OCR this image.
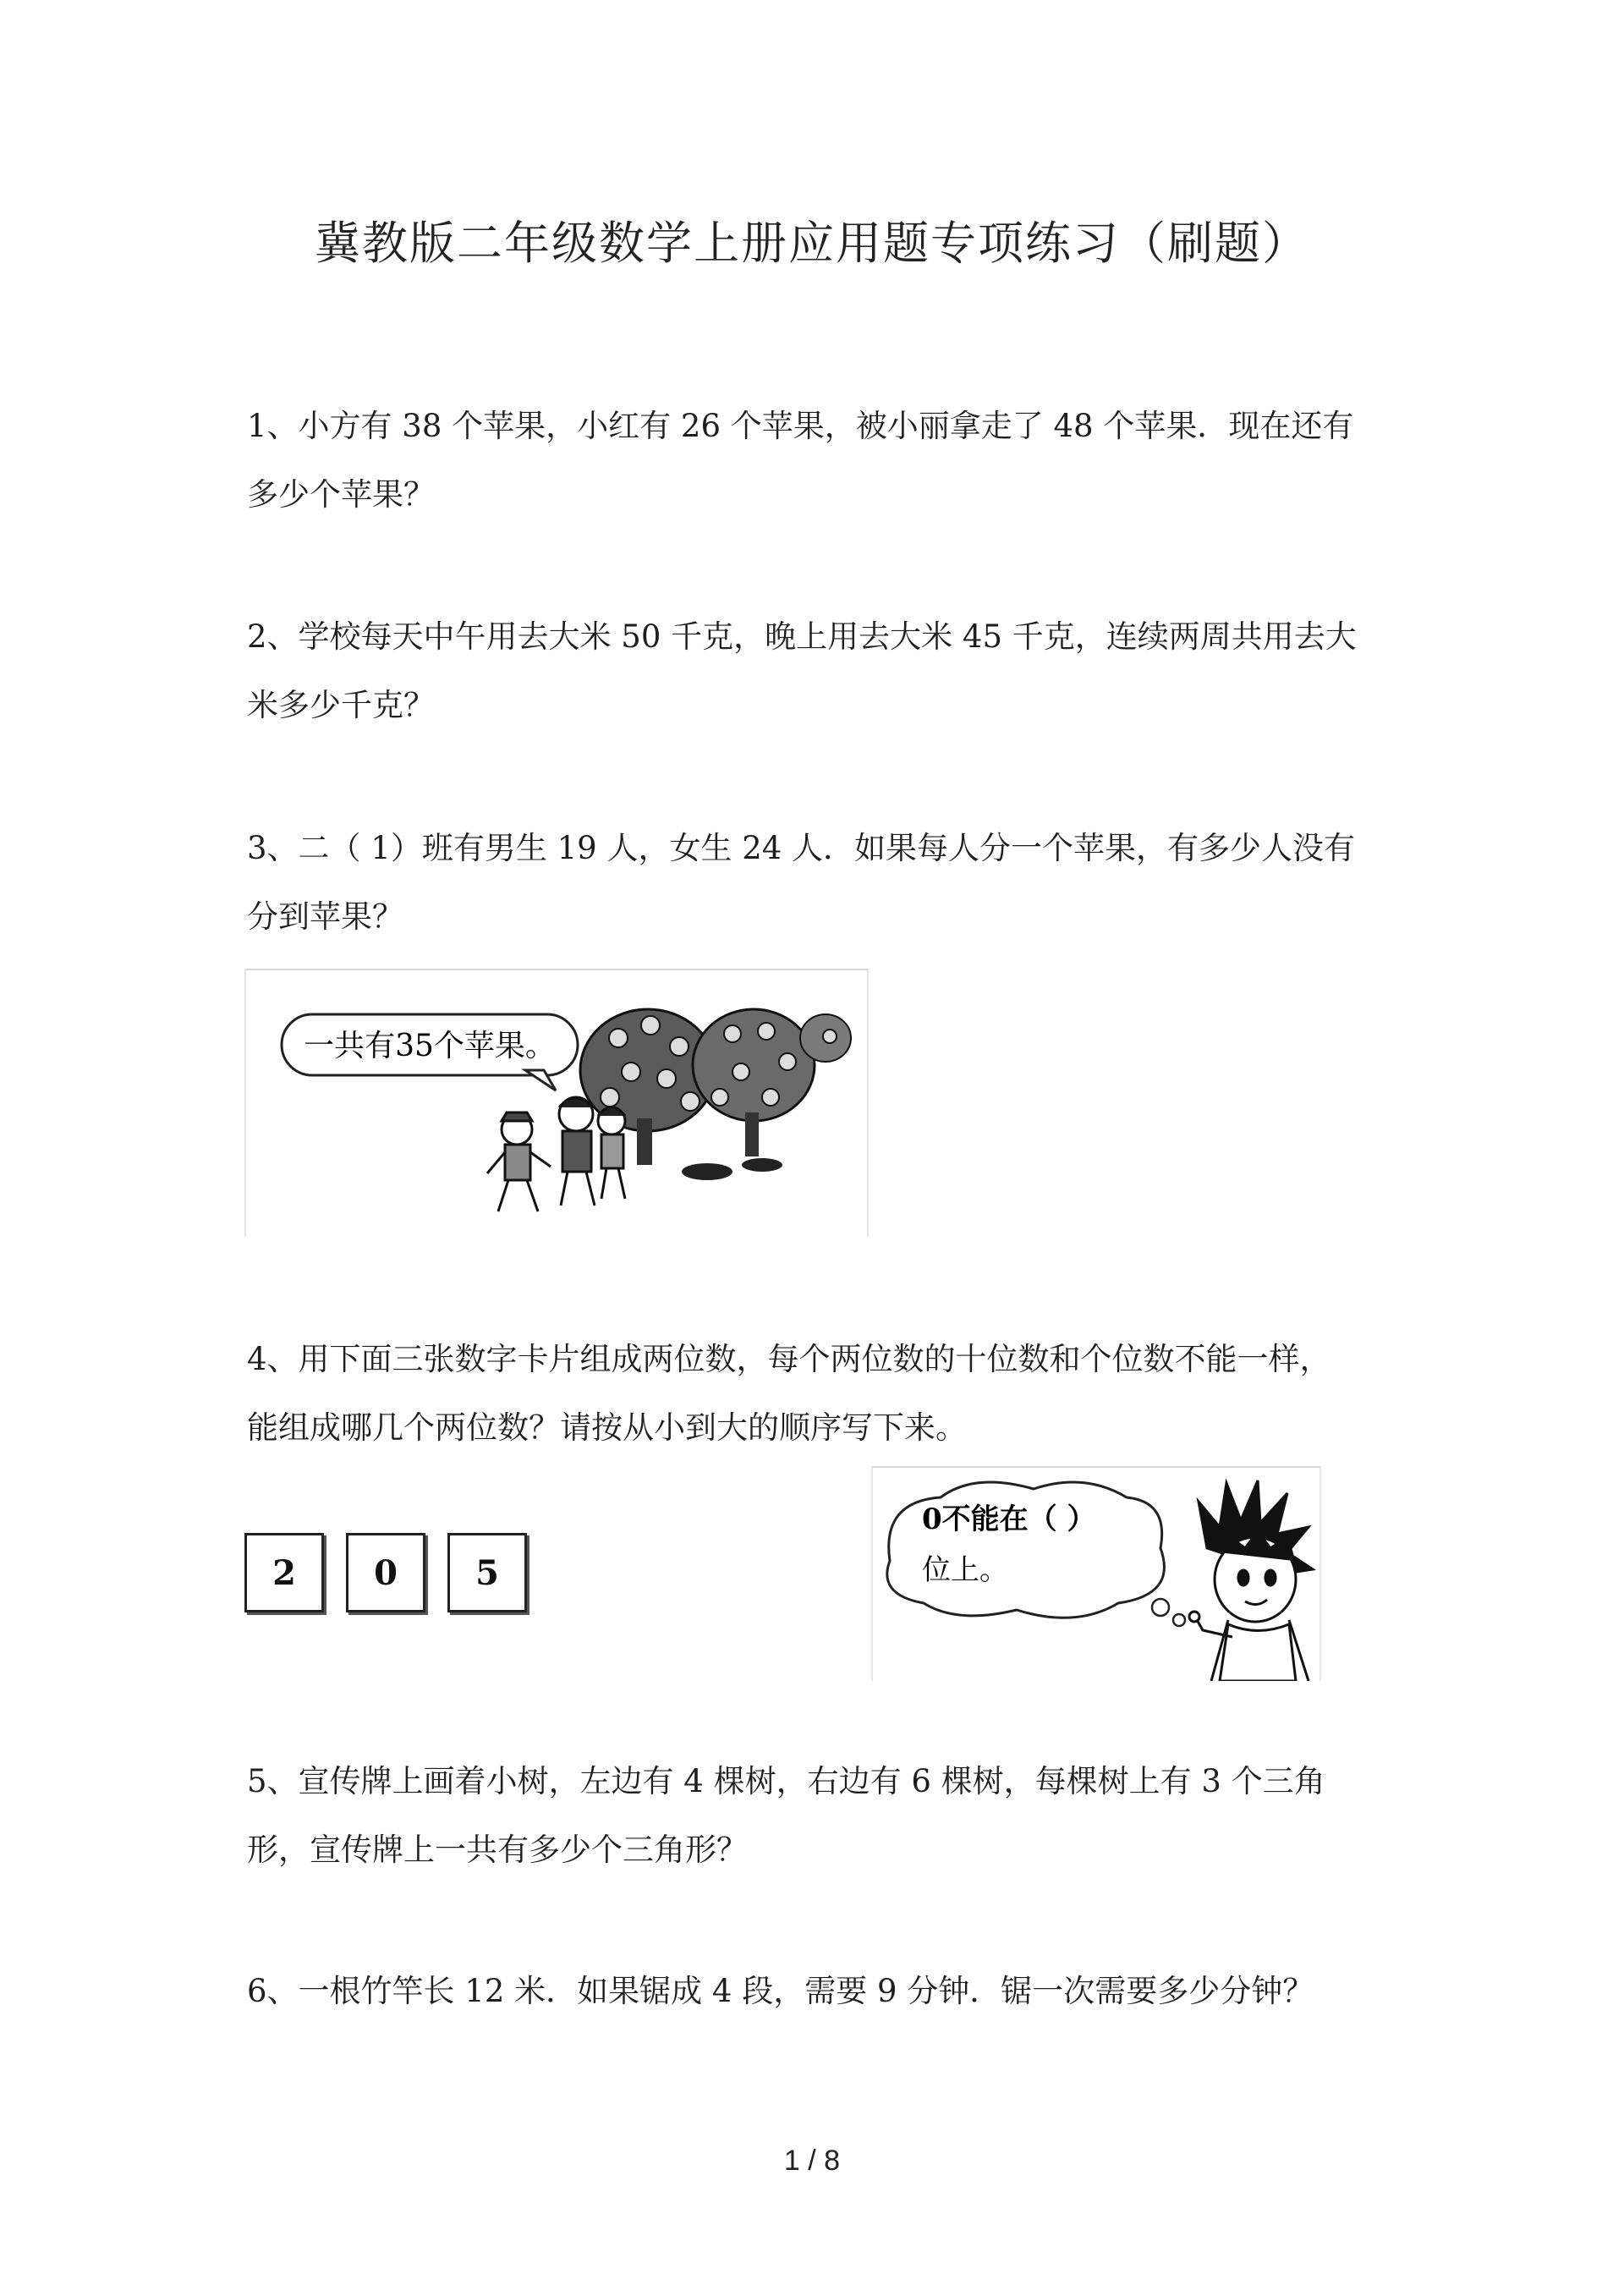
冀教版二年级数学上册应用题专项练习（刷题）

1、小方有 38 个苹果，小红有 26 个苹果，被小丽拿走了 48 个苹果．现在还有

多少个苹果？

2、学校每天中午用去大米 50 千克，晚上用去大米 45 千克，连续两周共用去大

米多少千克？

3、二（ 1）班有男生 19 人，女生 24 人．如果每人分一个苹果，有多少人没有

分到苹果？

一共有35个苹果。

4、用下面三张数字卡片组成两位数，每个两位数的十位数和个位数不能一样，

能组成哪几个两位数？请按从小到大的顺序写下来。

2	0	5
0不能在（ ）
位上。

5、宣传牌上画着小树，左边有 4 棵树，右边有 6 棵树，每棵树上有 3 个三角

形，宣传牌上一共有多少个三角形？

6、一根竹竿长 12 米．如果锯成 4 段，需要 9 分钟．锯一次需要多少分钟？

1 / 8
